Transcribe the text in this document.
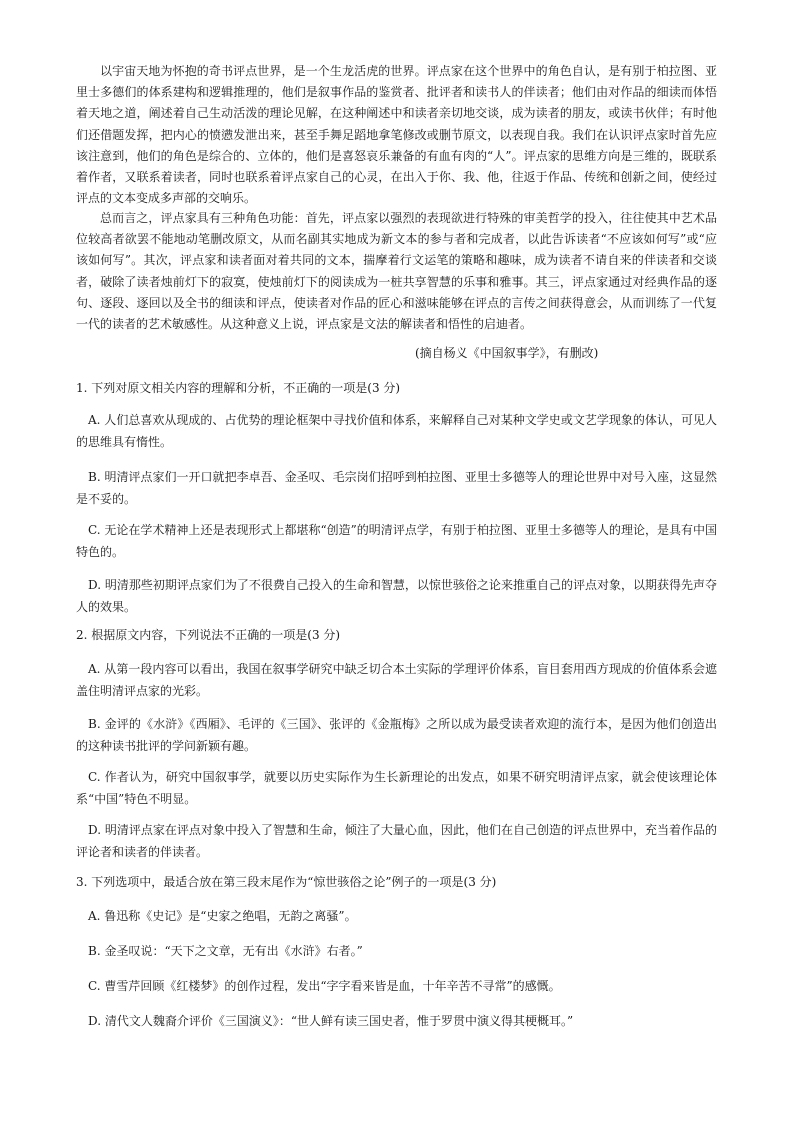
以宇宙天地为怀抱的奇书评点世界，是一个生龙活虎的世界。评点家在这个世界中的角色自认，是有别于柏拉图、亚里士多德们的体系建构和逻辑推理的，他们是叙事作品的鉴赏者、批评者和读书人的伴读者；他们由对作品的细读而体悟着天地之道，阐述着自己生动活泼的理论见解，在这种阐述中和读者亲切地交谈，成为读者的朋友，或读书伙伴；有时他们还借题发挥，把内心的愤懑发泄出来，甚至手舞足蹈地拿笔修改或删节原文，以表现自我。我们在认识评点家时首先应该注意到，他们的角色是综合的、立体的，他们是喜怒哀乐兼备的有血有肉的“人”。评点家的思维方向是三维的，既联系着作者，又联系着读者，同时也联系着评点家自己的心灵，在出入于你、我、他，往返于作品、传统和创新之间，使经过评点的文本变成多声部的交响乐。

总而言之，评点家具有三种角色功能：首先，评点家以强烈的表现欲进行特殊的审美哲学的投入，往往使其中艺术品位较高者欲罢不能地动笔删改原文，从而名副其实地成为新文本的参与者和完成者，以此告诉读者“不应该如何写”或“应该如何写”。其次，评点家和读者面对着共同的文本，揣摩着行文运笔的策略和趣味，成为读者不请自来的伴读者和交谈者，破除了读者烛前灯下的寂寞，使烛前灯下的阅读成为一桩共享智慧的乐事和雅事。其三，评点家通过对经典作品的逐句、逐段、逐回以及全书的细读和评点，使读者对作品的匠心和滋味能够在评点的言传之间获得意会，从而训练了一代复一代的读者的艺术敏感性。从这种意义上说，评点家是文法的解读者和悟性的启迪者。

(摘自杨义《中国叙事学》，有删改)

1. 下列对原文相关内容的理解和分析，不正确的一项是(3 分)

A. 人们总喜欢从现成的、占优势的理论框架中寻找价值和体系，来解释自己对某种文学史或文艺学现象的体认，可见人的思维具有惰性。

B. 明清评点家们一开口就把李卓吾、金圣叹、毛宗岗们招呼到柏拉图、亚里士多德等人的理论世界中对号入座，这显然是不妥的。

C. 无论在学术精神上还是表现形式上都堪称“创造”的明清评点学，有别于柏拉图、亚里士多德等人的理论，是具有中国特色的。

D. 明清那些初期评点家们为了不很费自己投入的生命和智慧，以惊世骇俗之论来推重自己的评点对象，以期获得先声夺人的效果。

2. 根据原文内容，下列说法不正确的一项是(3 分)

A. 从第一段内容可以看出，我国在叙事学研究中缺乏切合本土实际的学理评价体系，盲目套用西方现成的价值体系会遮盖住明清评点家的光彩。

B. 金评的《水浒》《西厢》、毛评的《三国》、张评的《金瓶梅》之所以成为最受读者欢迎的流行本，是因为他们创造出的这种读书批评的学问新颖有趣。

C. 作者认为，研究中国叙事学，就要以历史实际作为生长新理论的出发点，如果不研究明清评点家，就会使该理论体系“中国”特色不明显。

D. 明清评点家在评点对象中投入了智慧和生命，倾注了大量心血，因此，他们在自己创造的评点世界中，充当着作品的评论者和读者的伴读者。

3. 下列选项中，最适合放在第三段末尾作为“惊世骇俗之论”例子的一项是(3 分)

A. 鲁迅称《史记》是“史家之绝唱，无韵之离骚”。

B. 金圣叹说：“天下之文章，无有出《水浒》右者。”

C. 曹雪芹回顾《红楼梦》的创作过程，发出“字字看来皆是血，十年辛苦不寻常”的感慨。

D. 清代文人魏裔介评价《三国演义》：“世人鲜有读三国史者，惟于罗贯中演义得其梗概耳。”
